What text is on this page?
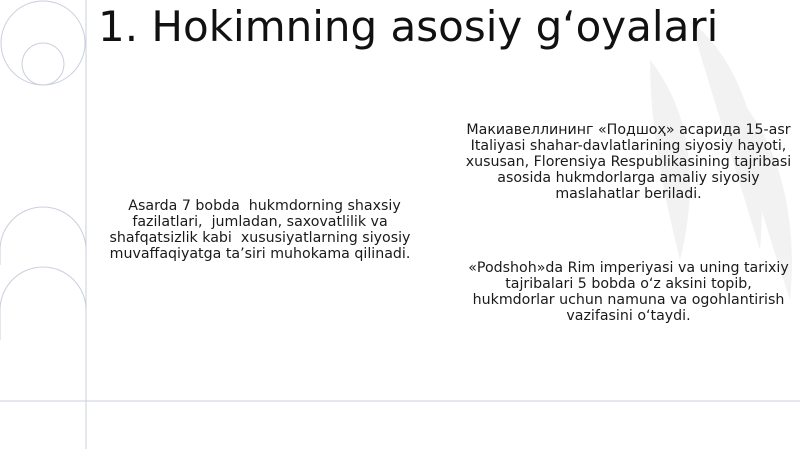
1. Hokimning asosiy g‘oyalari

Asarda 7 bobda  hukmdorning shaxsiy fazilatlari,  jumladan, saxovatlilik va shafqatsizlik kabi  xususiyatlarning siyosiy muvaffaqiyatga ta’siri muhokama qilinadi.

Макиавеллининг «Подшоҳ» асарида 15-asr Italiyasi shahar-davlatlarining siyosiy hayoti, xususan, Florensiya Respublikasining tajribasi asosida hukmdorlarga amaliy siyosiy maslahatlar beriladi.

«Podshoh»da Rim imperiyasi va uning tarixiy tajribalari 5 bobda o‘z aksini topib, hukmdorlar uchun namuna va ogohlantirish vazifasini o‘taydi.
